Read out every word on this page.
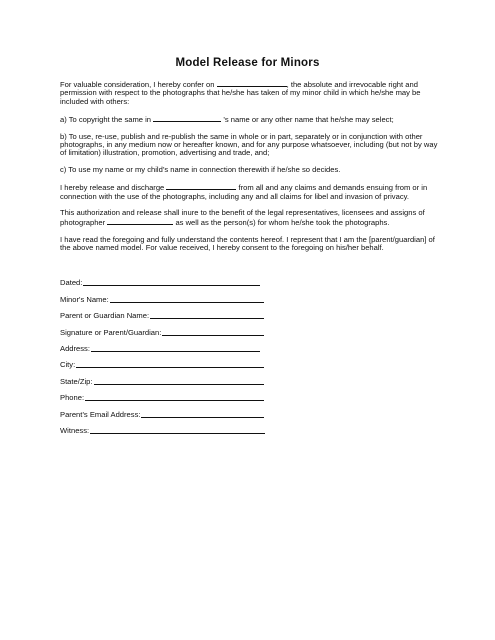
Model Release for Minors

For valuable consideration, I hereby confer on	, the absolute and irrevocable right and permission with respect to the photographs that he/she has taken of my minor child in which he/she may be included with others:

a) To copyright the same in	’s name or any other name that he/she may select;

b) To use, re-use, publish and re-publish the same in whole or in part, separately or in conjunction with other photographs, in any medium now or hereafter known, and for any purpose whatsoever, including (but not by way of limitation) illustration, promotion, advertising and trade, and;

c) To use my name or my child’s name in connection therewith if he/she so decides.

I hereby release and discharge	from all and any claims and demands ensuing from or in connection with the use of the photographs, including any and all claims for libel and invasion of privacy.

This authorization and release shall inure to the benefit of the legal representatives, licensees and assigns of photographer	as well as the person(s) for whom he/she took the photographs.

I have read the foregoing and fully understand the contents hereof. I represent that I am the [parent/guardian] of the above named model. For value received, I hereby consent to the foregoing on his/her behalf.

Dated:
Minor's Name:
Parent or Guardian Name:
Signature or Parent/Guardian:
Address:
City:
State/Zip:
Phone:
Parent’s Email Address:
Witness:
